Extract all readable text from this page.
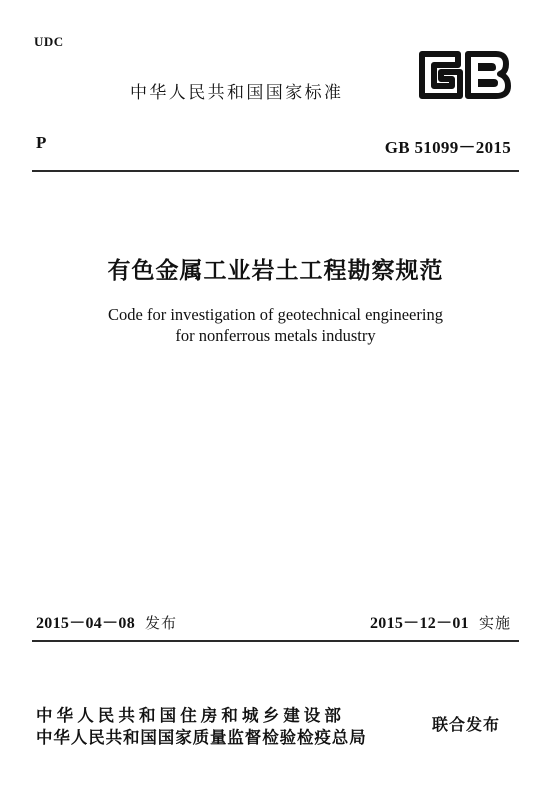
UDC
中华人民共和国国家标准
P	GB 51099－2015
有色金属工业岩土工程勘察规范
Code for investigation of geotechnical engineering
for nonferrous metals industry
2015－04－08 发布	2015－12－01 实施
中华人民共和国住房和城乡建设部
中华人民共和国国家质量监督检验检疫总局
联合发布
